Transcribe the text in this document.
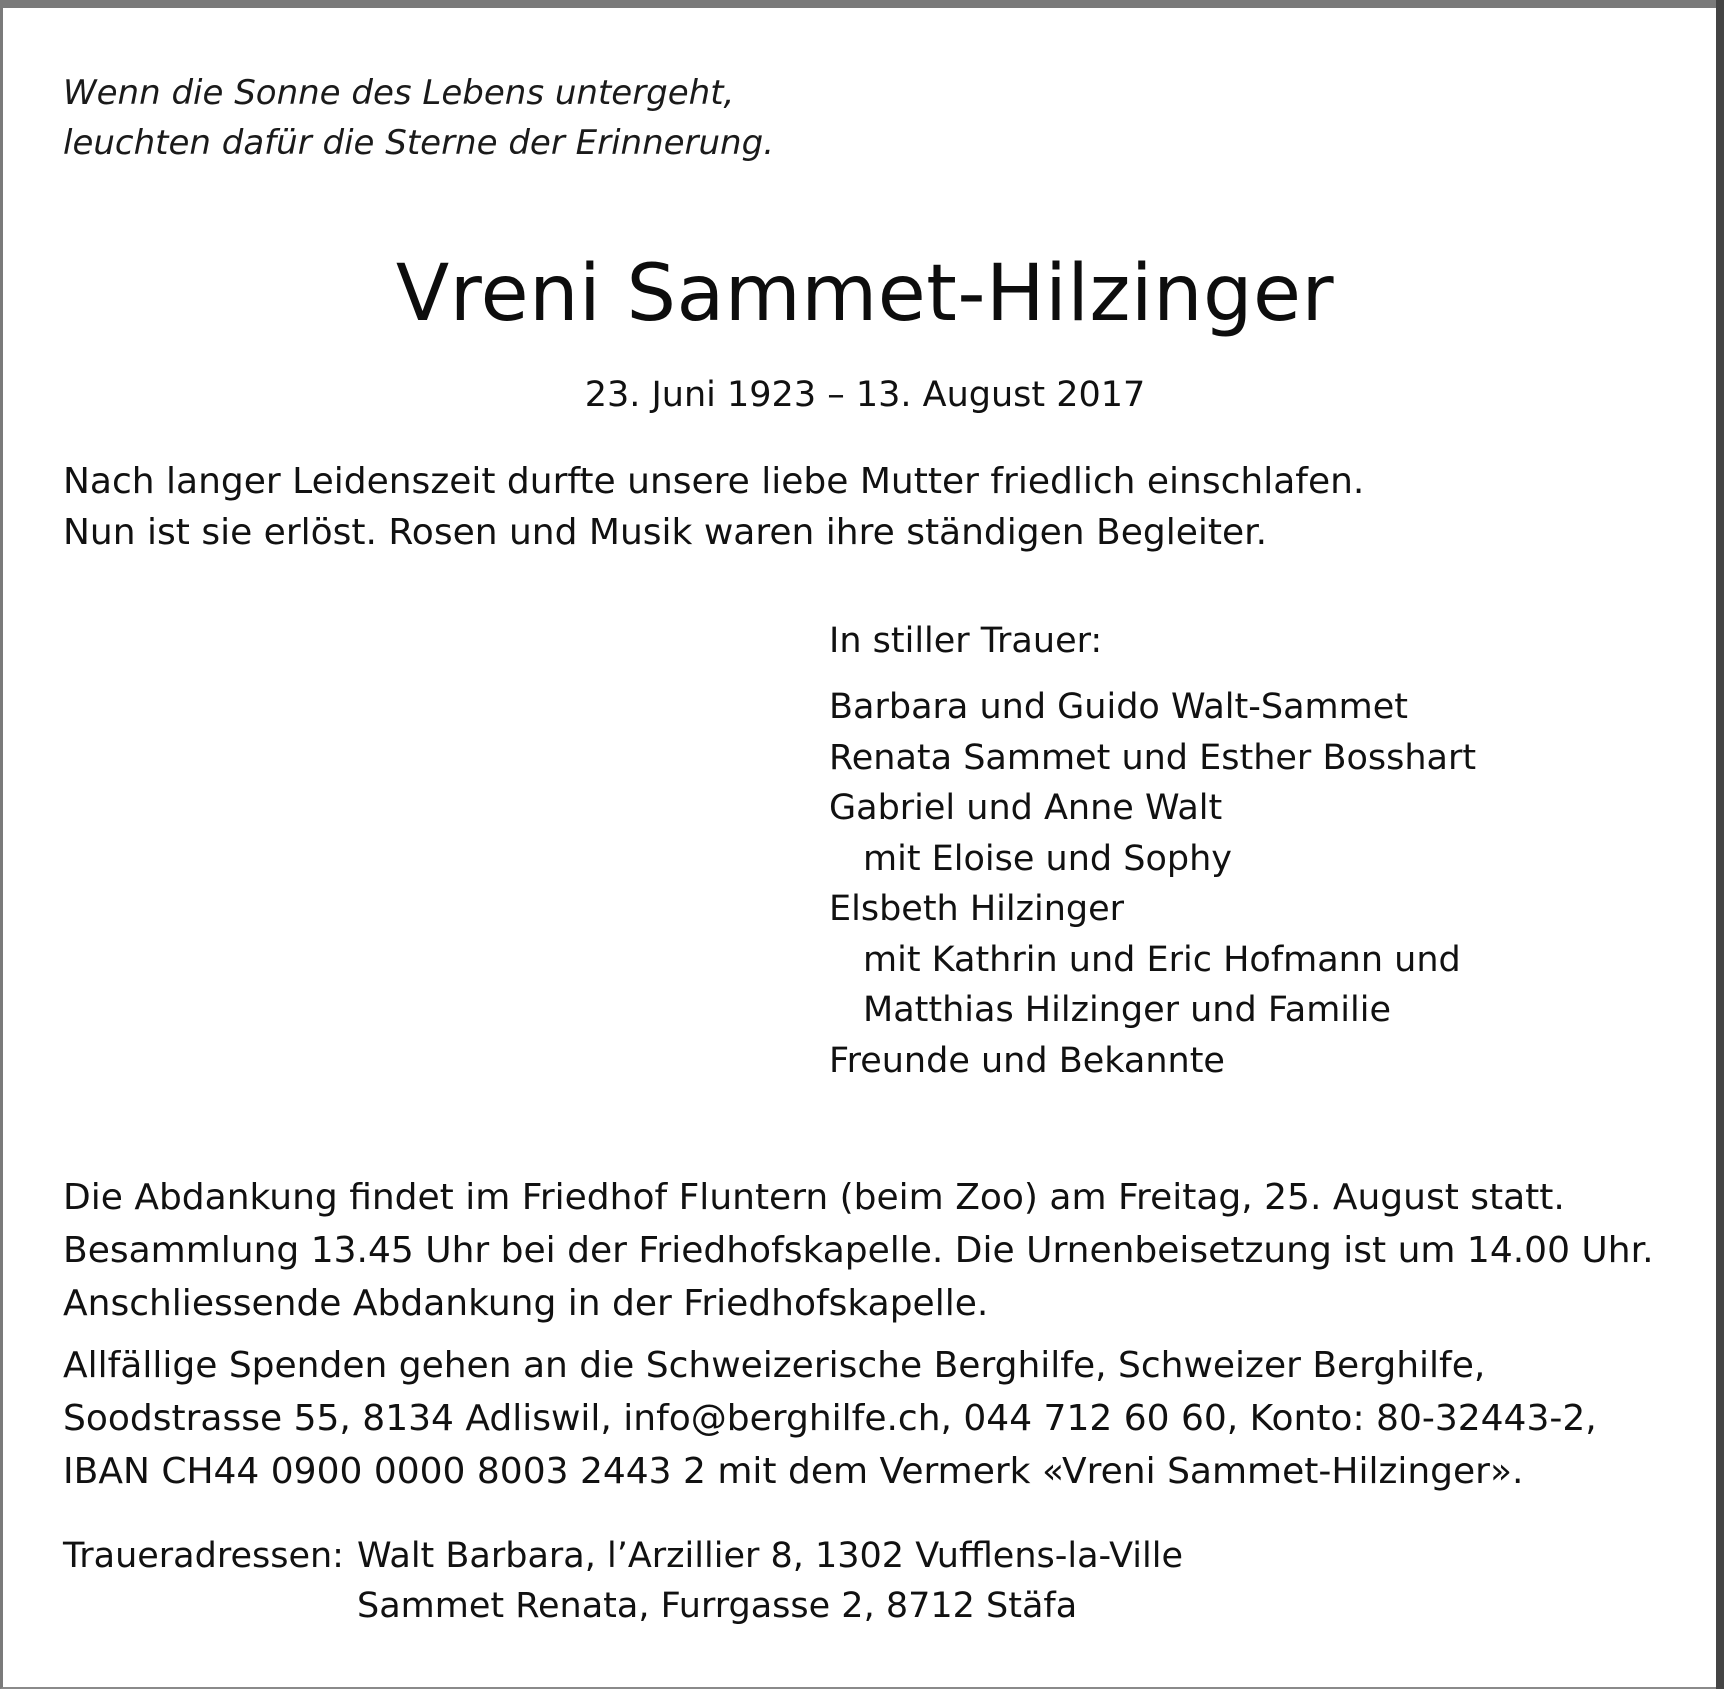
Wenn die Sonne des Lebens untergeht,
leuchten dafür die Sterne der Erinnerung.
Vreni Sammet-Hilzinger
23. Juni 1923 – 13. August 2017
Nach langer Leidenszeit durfte unsere liebe Mutter friedlich einschlafen.
Nun ist sie erlöst. Rosen und Musik waren ihre ständigen Begleiter.
In stiller Trauer:
Barbara und Guido Walt-Sammet
Renata Sammet und Esther Bosshart
Gabriel und Anne Walt
mit Eloise und Sophy
Elsbeth Hilzinger
mit Kathrin und Eric Hofmann und
Matthias Hilzinger und Familie
Freunde und Bekannte
Die Abdankung findet im Friedhof Fluntern (beim Zoo) am Freitag, 25. August statt.
Besammlung 13.45 Uhr bei der Friedhofskapelle. Die Urnenbeisetzung ist um 14.00 Uhr.
Anschliessende Abdankung in der Friedhofskapelle.
Allfällige Spenden gehen an die Schweizerische Berghilfe, Schweizer Berghilfe,
Soodstrasse 55, 8134 Adliswil, info@berghilfe.ch, 044 712 60 60, Konto: 80-32443-2,
IBAN CH44 0900 0000 8003 2443 2 mit dem Vermerk «Vreni Sammet-Hilzinger».
Traueradressen: Walt Barbara, l’Arzillier 8, 1302 Vufflens-la-Ville
Sammet Renata, Furrgasse 2, 8712 Stäfa
